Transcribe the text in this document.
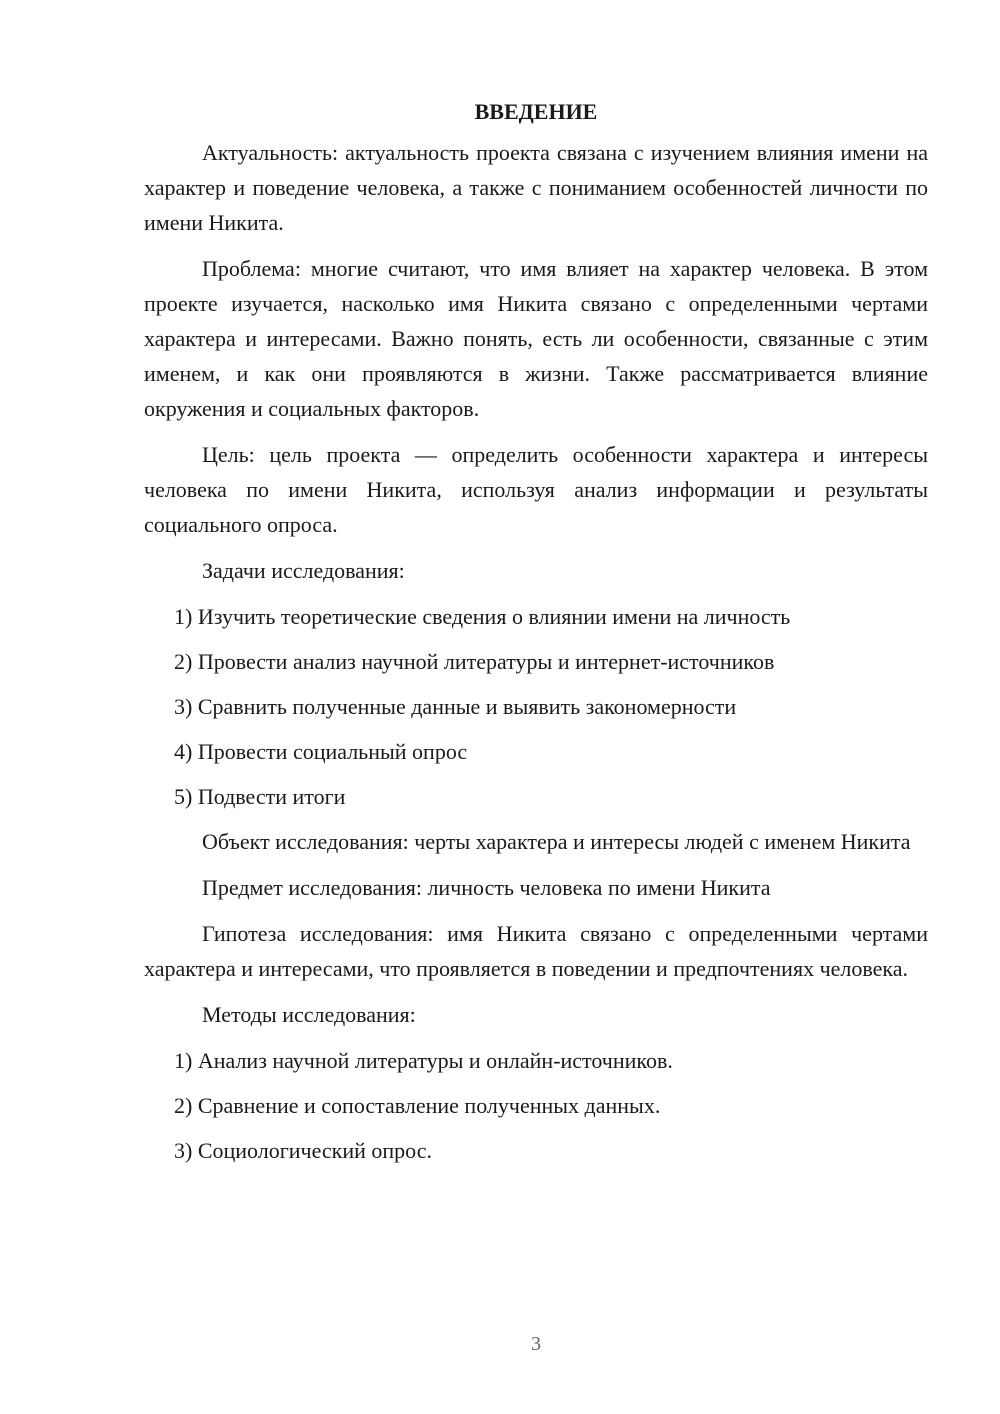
ВВЕДЕНИЕ

Актуальность: актуальность проекта связана с изучением влияния имени на характер и поведение человека, а также с пониманием особенностей личности по имени Никита.

Проблема: многие считают, что имя влияет на характер человека. В этом проекте изучается, насколько имя Никита связано с определенными чертами характера и интересами. Важно понять, есть ли особенности, связанные с этим именем, и как они проявляются в жизни. Также рассматривается влияние окружения и социальных факторов.

Цель: цель проекта — определить особенности характера и интересы человека по имени Никита, используя анализ информации и результаты социального опроса.

Задачи исследования:

1) Изучить теоретические сведения о влиянии имени на личность
2) Провести анализ научной литературы и интернет-источников
3) Сравнить полученные данные и выявить закономерности
4) Провести социальный опрос
5) Подвести итоги

Объект исследования: черты характера и интересы людей с именем Никита

Предмет исследования: личность человека по имени Никита

Гипотеза исследования: имя Никита связано с определенными чертами характера и интересами, что проявляется в поведении и предпочтениях человека.

Методы исследования:

1) Анализ научной литературы и онлайн-источников.
2) Сравнение и сопоставление полученных данных.
3) Социологический опрос.
3
